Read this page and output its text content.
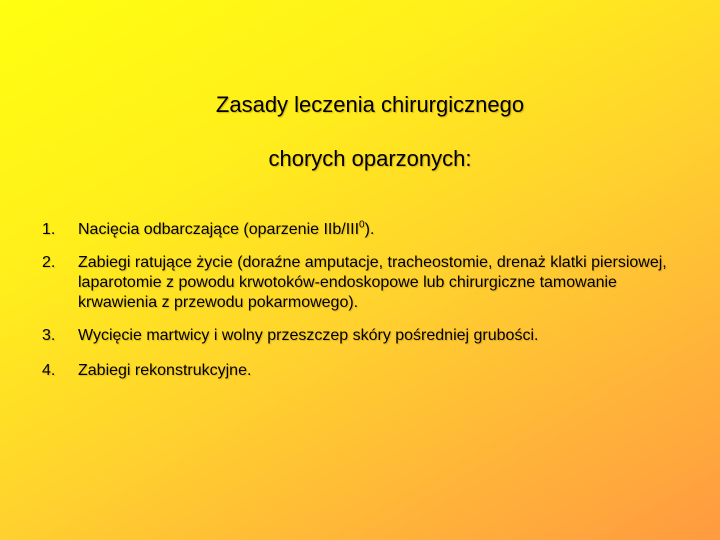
Zasady leczenia chirurgicznego
chorych oparzonych:
1. Nacięcia odbarczające (oparzenie IIb/III$^0$).
2. Zabiegi ratujące życie (doraźne amputacje, tracheostomie, drenaż klatki piersiowej, laparotomie z powodu krwotoków-endoskopowe lub chirurgiczne tamowanie krwawienia z przewodu pokarmowego).
3. Wycięcie martwicy i wolny przeszczep skóry pośredniej grubości.
4. Zabiegi rekonstrukcyjne.
